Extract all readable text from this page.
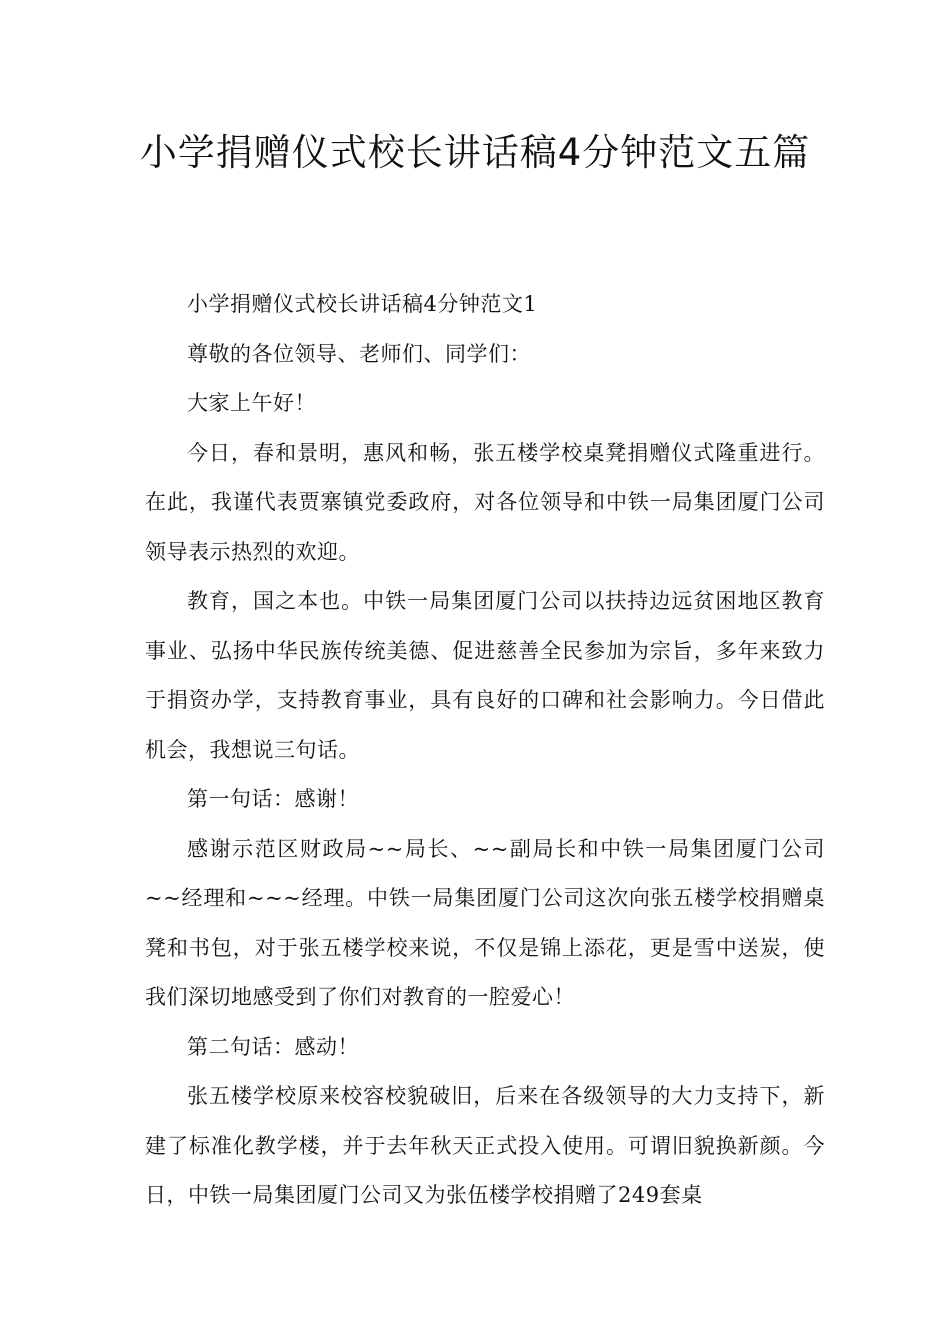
小学捐赠仪式校长讲话稿4分钟范文五篇

小学捐赠仪式校长讲话稿4分钟范文1

尊敬的各位领导、老师们、同学们：

大家上午好！

今日，春和景明，惠风和畅，张五楼学校桌凳捐赠仪式隆重进行。在此，我谨代表贾寨镇党委政府，对各位领导和中铁一局集团厦门公司领导表示热烈的欢迎。

教育，国之本也。中铁一局集团厦门公司以扶持边远贫困地区教育事业、弘扬中华民族传统美德、促进慈善全民参加为宗旨，多年来致力于捐资办学，支持教育事业，具有良好的口碑和社会影响力。今日借此机会，我想说三句话。

第一句话：感谢！

感谢示范区财政局~~局长、~~副局长和中铁一局集团厦门公司~~经理和~~~经理。中铁一局集团厦门公司这次向张五楼学校捐赠桌凳和书包，对于张五楼学校来说，不仅是锦上添花，更是雪中送炭，使我们深切地感受到了你们对教育的一腔爱心！

第二句话：感动！

张五楼学校原来校容校貌破旧，后来在各级领导的大力支持下，新建了标准化教学楼，并于去年秋天正式投入使用。可谓旧貌换新颜。今日，中铁一局集团厦门公司又为张伍楼学校捐赠了249套桌
